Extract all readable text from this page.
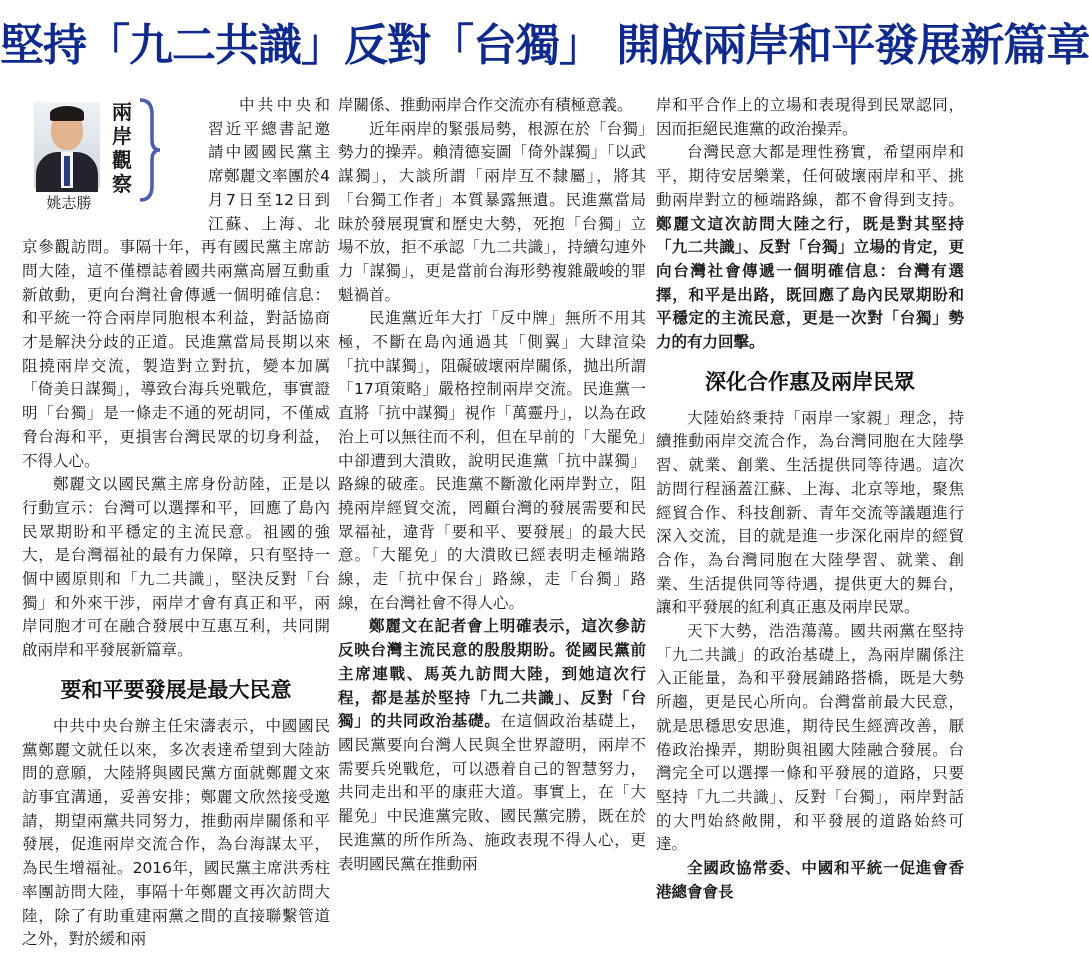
堅持「九二共識」反對「台獨」 開啟兩岸和平發展新篇章
姚志勝
兩岸觀察

中共中央和習近平總書記邀請中國國民黨主席鄭麗文率團於4月7日至12日到江蘇、上海、北京參觀訪問。事隔十年，再有國民黨主席訪問大陸，這不僅標誌着國共兩黨高層互動重新啟動，更向台灣社會傳遞一個明確信息：和平統一符合兩岸同胞根本利益，對話協商才是解決分歧的正道。民進黨當局長期以來阻撓兩岸交流，製造對立對抗，變本加厲「倚美日謀獨」，導致台海兵兇戰危，事實證明「台獨」是一條走不通的死胡同，不僅威脅台海和平，更損害台灣民眾的切身利益，不得人心。

鄭麗文以國民黨主席身份訪陸，正是以行動宣示：台灣可以選擇和平，回應了島內民眾期盼和平穩定的主流民意。祖國的強大，是台灣福祉的最有力保障，只有堅持一個中國原則和「九二共識」，堅決反對「台獨」和外來干涉，兩岸才會有真正和平，兩岸同胞才可在融合發展中互惠互利，共同開啟兩岸和平發展新篇章。

要和平要發展是最大民意

中共中央台辦主任宋濤表示，中國國民黨鄭麗文就任以來，多次表達希望到大陸訪問的意願，大陸將與國民黨方面就鄭麗文來訪事宜溝通，妥善安排；鄭麗文欣然接受邀請，期望兩黨共同努力，推動兩岸關係和平發展，促進兩岸交流合作，為台海謀太平，為民生增福祉。2016年，國民黨主席洪秀柱率團訪問大陸，事隔十年鄭麗文再次訪問大陸，除了有助重建兩黨之間的直接聯繫管道之外，對於緩和兩

岸關係、推動兩岸合作交流亦有積極意義。

近年兩岸的緊張局勢，根源在於「台獨」勢力的操弄。賴清德妄圖「倚外謀獨」「以武謀獨」，大談所謂「兩岸互不隸屬」，將其「台獨工作者」本質暴露無遺。民進黨當局昧於發展現實和歷史大勢，死抱「台獨」立場不放，拒不承認「九二共識」，持續勾連外力「謀獨」，更是當前台海形勢複雜嚴峻的罪魁禍首。

民進黨近年大打「反中牌」無所不用其極，不斷在島內通過其「側翼」大肆渲染「抗中謀獨」，阻礙破壞兩岸關係，拋出所謂「17項策略」嚴格控制兩岸交流。民進黨一直將「抗中謀獨」視作「萬靈丹」，以為在政治上可以無往而不利，但在早前的「大罷免」中卻遭到大潰敗，說明民進黨「抗中謀獨」路線的破產。民進黨不斷激化兩岸對立，阻撓兩岸經貿交流，罔顧台灣的發展需要和民眾福祉，違背「要和平、要發展」的最大民意。「大罷免」的大潰敗已經表明走極端路線，走「抗中保台」路線，走「台獨」路線，在台灣社會不得人心。

鄭麗文在記者會上明確表示，這次參訪反映台灣主流民意的殷殷期盼。從國民黨前主席連戰、馬英九訪問大陸，到她這次行程，都是基於堅持「九二共識」、反對「台獨」的共同政治基礎。在這個政治基礎上，國民黨要向台灣人民與全世界證明，兩岸不需要兵兇戰危，可以憑着自己的智慧努力，共同走出和平的康莊大道。事實上，在「大罷免」中民進黨完敗、國民黨完勝，既在於民進黨的所作所為、施政表現不得人心，更表明國民黨在推動兩

岸和平合作上的立場和表現得到民眾認同，因而拒絕民進黨的政治操弄。

台灣民意大都是理性務實，希望兩岸和平，期待安居樂業，任何破壞兩岸和平、挑動兩岸對立的極端路線，都不會得到支持。鄭麗文這次訪問大陸之行，既是對其堅持「九二共識」、反對「台獨」立場的肯定，更向台灣社會傳遞一個明確信息：台灣有選擇，和平是出路，既回應了島內民眾期盼和平穩定的主流民意，更是一次對「台獨」勢力的有力回擊。

深化合作惠及兩岸民眾

大陸始終秉持「兩岸一家親」理念，持續推動兩岸交流合作，為台灣同胞在大陸學習、就業、創業、生活提供同等待遇。這次訪問行程涵蓋江蘇、上海、北京等地，聚焦經貿合作、科技創新、青年交流等議題進行深入交流，目的就是進一步深化兩岸的經貿合作，為台灣同胞在大陸學習、就業、創業、生活提供同等待遇，提供更大的舞台，讓和平發展的紅利真正惠及兩岸民眾。

天下大勢，浩浩蕩蕩。國共兩黨在堅持「九二共識」的政治基礎上，為兩岸關係注入正能量，為和平發展鋪路搭橋，既是大勢所趨，更是民心所向。台灣當前最大民意，就是思穩思安思進，期待民生經濟改善，厭倦政治操弄，期盼與祖國大陸融合發展。台灣完全可以選擇一條和平發展的道路，只要堅持「九二共識」、反對「台獨」，兩岸對話的大門始終敞開，和平發展的道路始終可達。

全國政協常委、中國和平統一促進會香港總會會長
